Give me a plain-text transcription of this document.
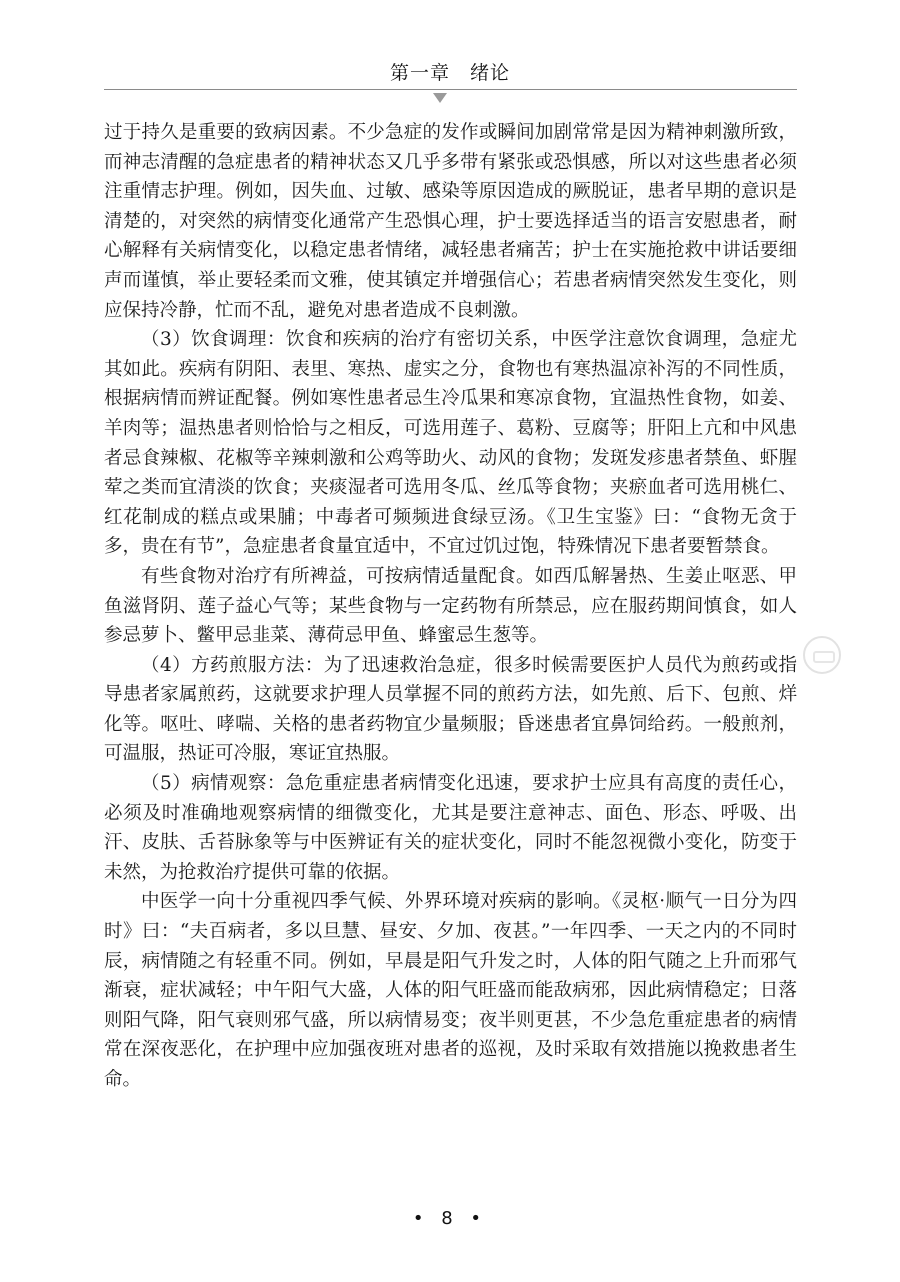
第一章　绪论

过于持久是重要的致病因素。不少急症的发作或瞬间加剧常常是因为精神刺激所致，而神志清醒的急症患者的精神状态又几乎多带有紧张或恐惧感，所以对这些患者必须注重情志护理。例如，因失血、过敏、感染等原因造成的厥脱证，患者早期的意识是清楚的，对突然的病情变化通常产生恐惧心理，护士要选择适当的语言安慰患者，耐心解释有关病情变化，以稳定患者情绪，减轻患者痛苦；护士在实施抢救中讲话要细声而谨慎，举止要轻柔而文雅，使其镇定并增强信心；若患者病情突然发生变化，则应保持冷静，忙而不乱，避免对患者造成不良刺激。

（3）饮食调理：饮食和疾病的治疗有密切关系，中医学注意饮食调理，急症尤其如此。疾病有阴阳、表里、寒热、虚实之分，食物也有寒热温凉补泻的不同性质，根据病情而辨证配餐。例如寒性患者忌生冷瓜果和寒凉食物，宜温热性食物，如姜、羊肉等；温热患者则恰恰与之相反，可选用莲子、葛粉、豆腐等；肝阳上亢和中风患者忌食辣椒、花椒等辛辣刺激和公鸡等助火、动风的食物；发斑发疹患者禁鱼、虾腥荤之类而宜清淡的饮食；夹痰湿者可选用冬瓜、丝瓜等食物；夹瘀血者可选用桃仁、红花制成的糕点或果脯；中毒者可频频进食绿豆汤。《卫生宝鉴》曰：“食物无贪于多，贵在有节”，急症患者食量宜适中，不宜过饥过饱，特殊情况下患者要暂禁食。

有些食物对治疗有所裨益，可按病情适量配食。如西瓜解暑热、生姜止呕恶、甲鱼滋肾阴、莲子益心气等；某些食物与一定药物有所禁忌，应在服药期间慎食，如人参忌萝卜、鳖甲忌韭菜、薄荷忌甲鱼、蜂蜜忌生葱等。

（4）方药煎服方法：为了迅速救治急症，很多时候需要医护人员代为煎药或指导患者家属煎药，这就要求护理人员掌握不同的煎药方法，如先煎、后下、包煎、烊化等。呕吐、哮喘、关格的患者药物宜少量频服；昏迷患者宜鼻饲给药。一般煎剂，可温服，热证可冷服，寒证宜热服。

（5）病情观察：急危重症患者病情变化迅速，要求护士应具有高度的责任心，必须及时准确地观察病情的细微变化，尤其是要注意神志、面色、形态、呼吸、出汗、皮肤、舌苔脉象等与中医辨证有关的症状变化，同时不能忽视微小变化，防变于未然，为抢救治疗提供可靠的依据。

中医学一向十分重视四季气候、外界环境对疾病的影响。《灵枢·顺气一日分为四时》曰：“夫百病者，多以旦慧、昼安、夕加、夜甚。”一年四季、一天之内的不同时辰，病情随之有轻重不同。例如，早晨是阳气升发之时，人体的阳气随之上升而邪气渐衰，症状减轻；中午阳气大盛，人体的阳气旺盛而能敌病邪，因此病情稳定；日落则阳气降，阳气衰则邪气盛，所以病情易变；夜半则更甚，不少急危重症患者的病情常在深夜恶化，在护理中应加强夜班对患者的巡视，及时采取有效措施以挽救患者生命。

• 8 •
